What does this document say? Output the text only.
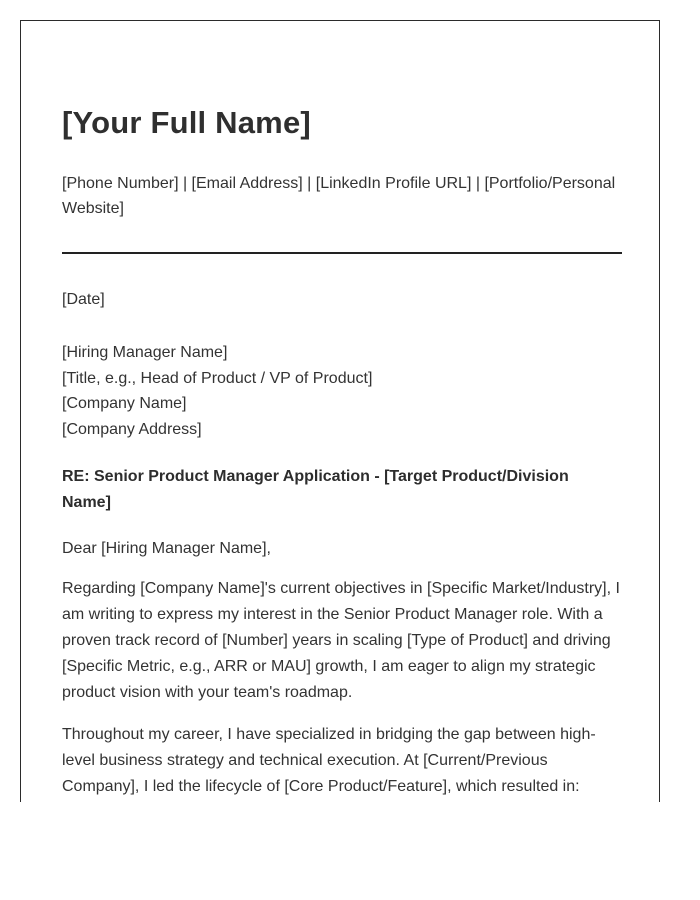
[Your Full Name]
[Phone Number] | [Email Address] | [LinkedIn Profile URL] | [Portfolio/Personal Website]
[Date]
[Hiring Manager Name]
[Title, e.g., Head of Product / VP of Product]
[Company Name]
[Company Address]
RE: Senior Product Manager Application - [Target Product/Division Name]
Dear [Hiring Manager Name],
Regarding [Company Name]'s current objectives in [Specific Market/Industry], I am writing to express my interest in the Senior Product Manager role. With a proven track record of [Number] years in scaling [Type of Product] and driving [Specific Metric, e.g., ARR or MAU] growth, I am eager to align my strategic product vision with your team's roadmap.
Throughout my career, I have specialized in bridging the gap between high-level business strategy and technical execution. At [Current/Previous Company], I led the lifecycle of [Core Product/Feature], which resulted in:
